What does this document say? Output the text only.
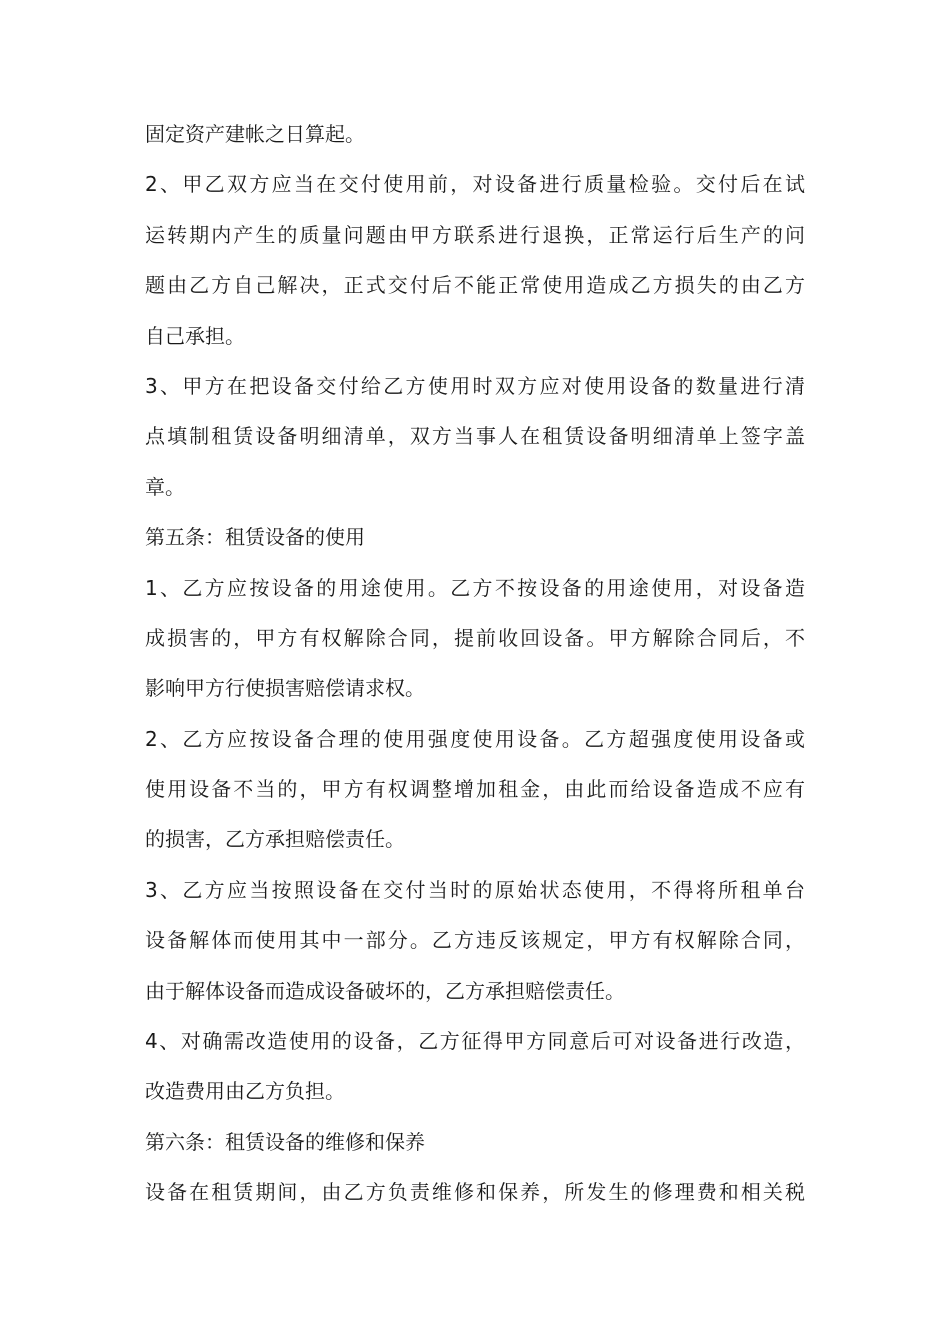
固定资产建帐之日算起。
2、甲乙双方应当在交付使用前，对设备进行质量检验。交付后在试
运转期内产生的质量问题由甲方联系进行退换，正常运行后生产的问
题由乙方自己解决，正式交付后不能正常使用造成乙方损失的由乙方
自己承担。
3、甲方在把设备交付给乙方使用时双方应对使用设备的数量进行清
点填制租赁设备明细清单，双方当事人在租赁设备明细清单上签字盖
章。
第五条：租赁设备的使用
1、乙方应按设备的用途使用。乙方不按设备的用途使用，对设备造
成损害的，甲方有权解除合同，提前收回设备。甲方解除合同后，不
影响甲方行使损害赔偿请求权。
2、乙方应按设备合理的使用强度使用设备。乙方超强度使用设备或
使用设备不当的，甲方有权调整增加租金，由此而给设备造成不应有
的损害，乙方承担赔偿责任。
3、乙方应当按照设备在交付当时的原始状态使用，不得将所租单台
设备解体而使用其中一部分。乙方违反该规定，甲方有权解除合同，
由于解体设备而造成设备破坏的，乙方承担赔偿责任。
4、对确需改造使用的设备，乙方征得甲方同意后可对设备进行改造，
改造费用由乙方负担。
第六条：租赁设备的维修和保养
设备在租赁期间，由乙方负责维修和保养，所发生的修理费和相关税
